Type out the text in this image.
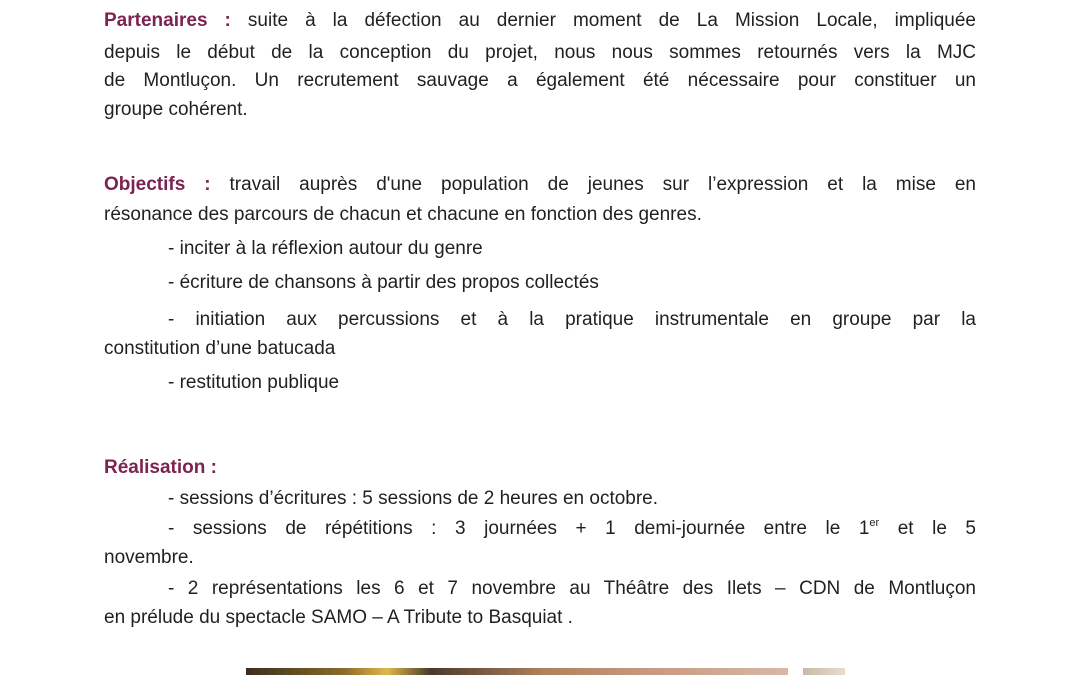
Partenaires : suite à la défection au dernier moment de La Mission Locale, impliquée
depuis le début de la conception du projet, nous nous sommes retournés vers la MJC
de Montluçon. Un recrutement sauvage a également été nécessaire pour constituer un
groupe cohérent.
Objectifs : travail auprès d'une population de jeunes sur l’expression et la mise en
résonance des parcours de chacun et chacune en fonction des genres.
- inciter à la réflexion autour du genre
- écriture de chansons à partir des propos collectés
- initiation aux percussions et à la pratique instrumentale en groupe par la
constitution d’une batucada
- restitution publique
Réalisation :
- sessions d’écritures : 5 sessions de 2 heures en octobre.
- sessions de répétitions : 3 journées + 1 demi-journée entre le 1er et le 5
novembre.
- 2 représentations les 6 et 7 novembre au Théâtre des Ilets – CDN de Montluçon
en prélude du spectacle SAMO – A Tribute to Basquiat .
